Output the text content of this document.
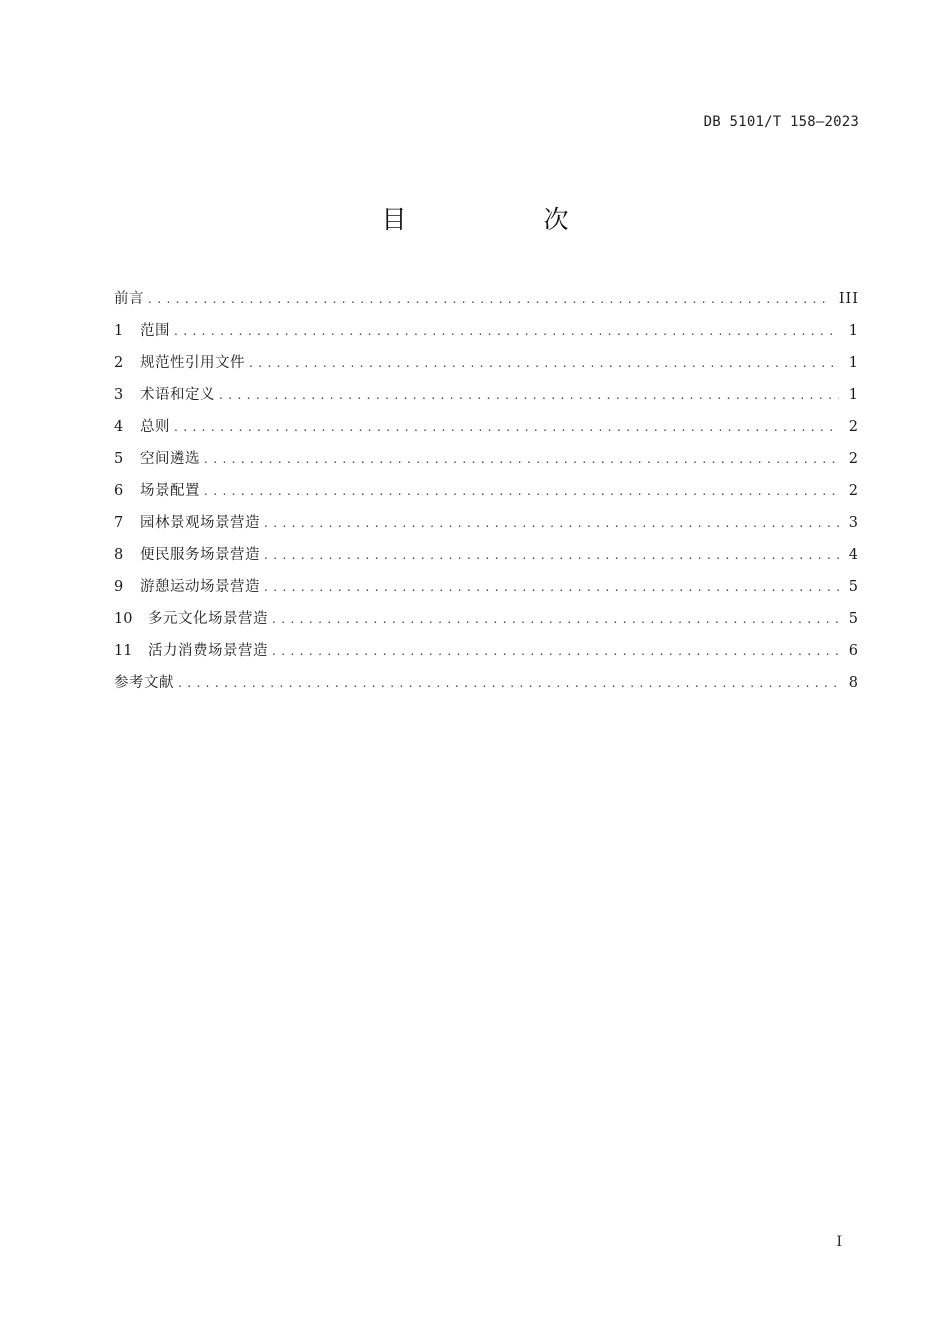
DB 5101/T 158—2023
目　次
前言 . . .	III
1	范围 . . .	1
2	规范性引用文件 . . .	1
3	术语和定义 . . .	1
4	总则 . . .	2
5	空间遴选 . . .	2
6	场景配置 . . .	2
7	园林景观场景营造 . . .	3
8	便民服务场景营造 . . .	4
9	游憩运动场景营造 . . .	5
10	多元文化场景营造 . . .	5
11	活力消费场景营造 . . .	6
参考文献 . . .	8
I
